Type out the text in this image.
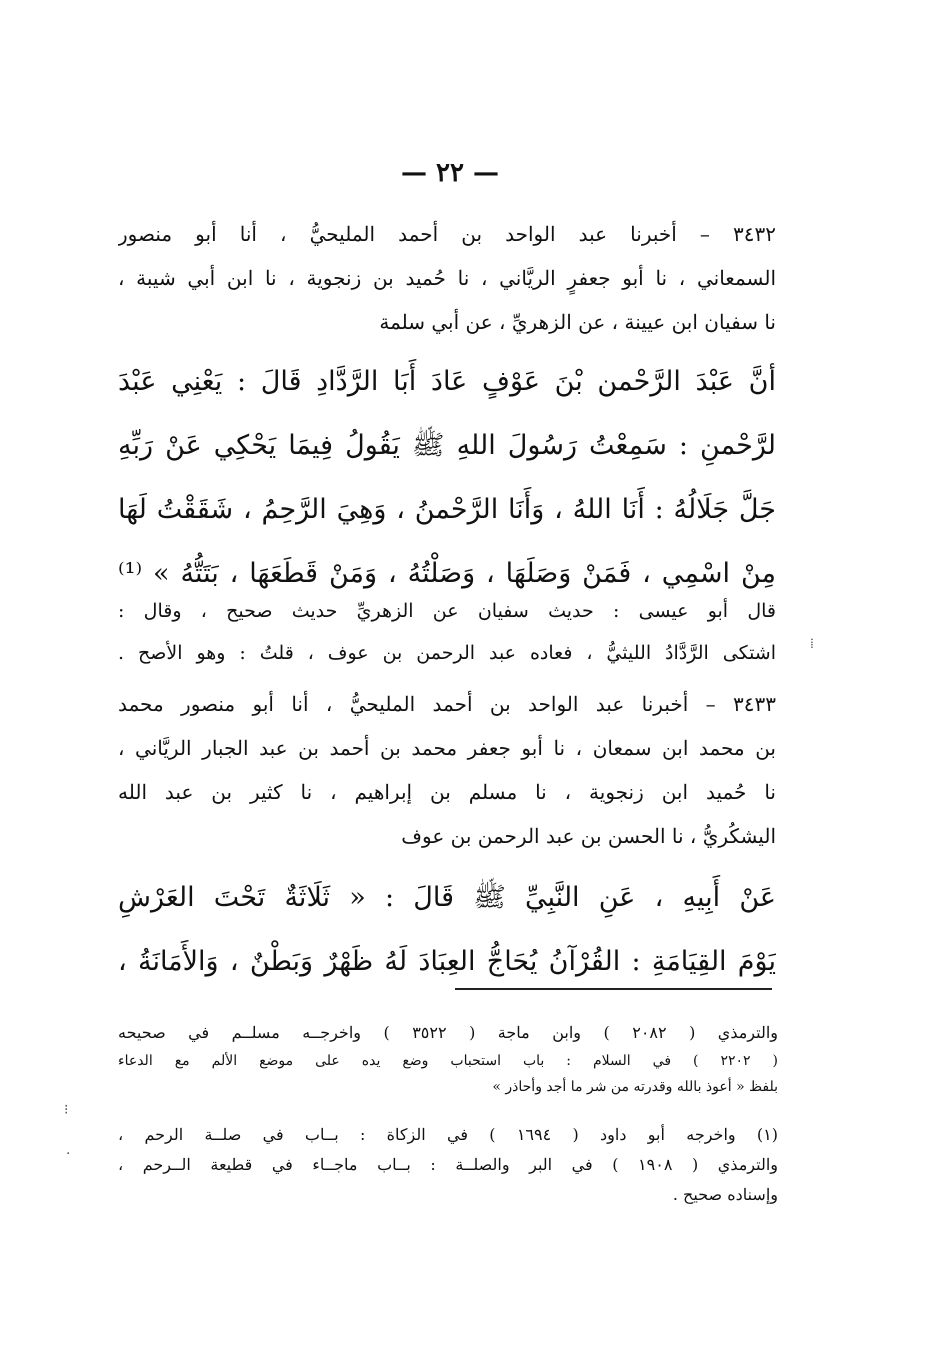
— ٢٢ —
٣٤٣٢ – أخبرنا عبد الواحد بن أحمد المليحيُّ ، أنا أبو منصور
السمعاني ، نا أبو جعفرٍ الريَّاني ، نا حُميد بن زنجوية ، نا ابن أبي شيبة ،
نا سفيان ابن عيينة ، عن الزهريِّ ، عن أبي سلمة
أنَّ عَبْدَ الرَّحْمن بْنَ عَوْفٍ عَادَ أَبَا الرَّدَّادِ قَالَ : يَعْنِي عَبْدَ
لرَّحْمنِ : سَمِعْتُ رَسُولَ اللهِ ﷺ يَقُولُ فِيمَا يَحْكِي عَنْ رَبِّهِ
جَلَّ جَلَالُهُ : أَنَا اللهُ ، وَأَنَا الرَّحْمنُ ، وَهِيَ الرَّحِمُ ، شَقَقْتُ لَهَا
مِنْ اسْمِي ، فَمَنْ وَصَلَهَا ، وَصَلْتُهُ ، وَمَنْ قَطَعَهَا ، بَتَتُّهُ » ⁽¹⁾
قال أبو عيسى : حديث سفيان عن الزهريِّ حديث صحيح ، وقال :
اشتكى الرَّدَّادُ الليثيُّ ، فعاده عبد الرحمن بن عوف ، قلتُ : وهو الأصح .
٣٤٣٣ – أخبرنا عبد الواحد بن أحمد المليحيُّ ، أنا أبو منصور محمد
بن محمد ابن سمعان ، نا أبو جعفر محمد بن أحمد بن عبد الجبار الريَّاني ،
نا حُميد ابن زنجوية ، نا مسلم بن إبراهيم ، نا كثير بن عبد الله
اليشكُريُّ ، نا الحسن بن عبد الرحمن بن عوف
عَنْ أَبِيهِ ، عَنِ النَّبِيِّ ﷺ قَالَ : « ثَلَاثَةٌ تَحْتَ العَرْشِ
يَوْمَ القِيَامَةِ : القُرْآنُ يُحَاجُّ العِبَادَ لَهُ ظَهْرٌ وَبَطْنٌ ، وَالأَمَانَةُ ،
والترمذي ( ٢٠٨٢ ) وابن ماجة ( ٣٥٢٢ ) واخرجــه مسلــم في صحيحه
( ٢٢٠٢ ) في السلام : باب استحباب وضع يده على موضع الألم مع الدعاء
بلفظ « أعوذ بالله وقدرته من شر ما أجد وأحاذر »
(١) واخرجه أبو داود ( ١٦٩٤ ) في الزكاة : بــاب في صلــة الرحم ،
والترمذي ( ١٩٠٨ ) في البر والصلــة : بــاب ماجــاء في قطيعة الــرحم ،
وإسناده صحيح .
⁝
·
⁞
